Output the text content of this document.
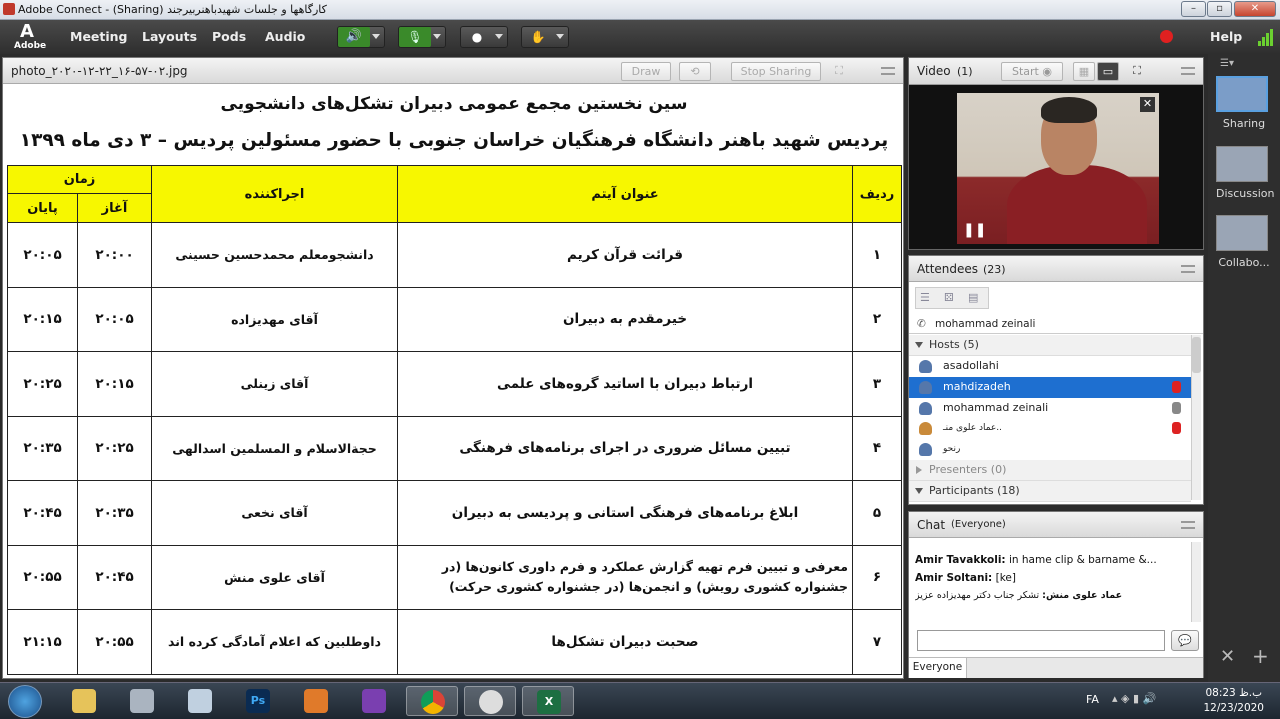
کارگاهها و جلسات شهیدباهنربیرجند (Sharing) - Adobe Connect	–	▫	✕
A
Adobe
Meeting Layouts Pods Audio	🔊	🎙	●	✋	Help
photo_۲۰۲۰-۱۲-۲۲_۱۶-۵۷-۰۲.jpg	Draw	⟲	Stop Sharing	⛶
سین نخستین مجمع عمومی دبیران تشکل‌های دانشجویی
پردیس شهید باهنر دانشگاه فرهنگیان خراسان جنوبی با حضور مسئولین پردیس – ۳ دی ماه ۱۳۹۹
ردیف	عنوان آیتم	اجراکننده	زمان	
			آغاز	پایان
۱	قرائت قرآن کریم	دانشجومعلم محمدحسین حسینی	۲۰:۰۰	۲۰:۰۵
۲	خیرمقدم به دبیران	آقای مهدیزاده	۲۰:۰۵	۲۰:۱۵
۳	ارتباط دبیران با اساتید گروه‌های علمی	آقای زینلی	۲۰:۱۵	۲۰:۲۵
۴	تبیین مسائل ضروری در اجرای برنامه‌های فرهنگی	حجةالاسلام و المسلمین اسدالهی	۲۰:۲۵	۲۰:۳۵
۵	ابلاغ برنامه‌های فرهنگی استانی و پردیسی به دبیران	آقای نخعی	۲۰:۳۵	۲۰:۴۵
۶	معرفی و تبیین فرم تهیه گزارش عملکرد و فرم داوری کانون‌ها (در جشنواره کشوری رویش) و انجمن‌ها (در جشنواره کشوری حرکت)	آقای علوی منش	۲۰:۴۵	۲۰:۵۵
۷	صحبت دبیران تشکل‌ها	داوطلبین که اعلام آمادگی کرده اند	۲۰:۵۵	۲۱:۱۵
Video (1)	Start ◉	▦	▭	⛶
✕
❚❚
Attendees (23)
☰ ⚄ ▤
✆ mohammad zeinali
Hosts (5)
asadollahi
mahdizadeh
mohammad zeinali
عماد علوی منـ..
رنحو
Presenters (0)
Participants (18)
Chat (Everyone)
Amir Tavakkoli: in hame clip & barname &...
Amir Soltani: [ke]
عماد علوی منش: تشکر جناب دکتر مهدیزاده عزیز
💬
Everyone
☰▾
Sharing
Discussion
Collabo...
✕ +
Ps	X	FA ▴ ◈ ▮ 🔊	08:23 ب.ظ
12/23/2020
